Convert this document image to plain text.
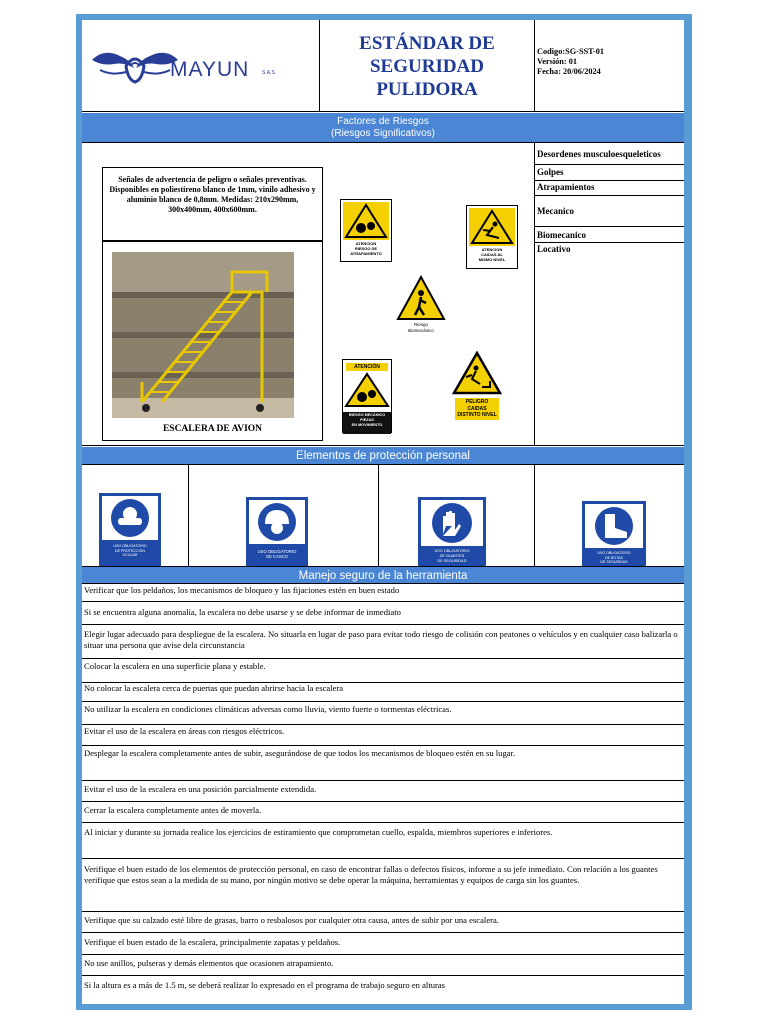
MAYUN	S.A.S
ESTÁNDAR DE
SEGURIDAD
PULIDORA
Codigo:SG-SST-01
Versión: 01
Fecha: 20/06/2024
Factores de Riesgos
(Riesgos Significativos)
Señales de advertencia de peligro o señales preventivas. Disponibles en poliestireno blanco de 1mm, vinilo adhesivo y aluminio blanco de 0,8mm. Medidas: 210x290mm, 300x400mm, 400x600mm.
ESCALERA DE AVION
ATENCION
RIESGO DE
ATRAPAMIENTO
ATENCION
CAIDAS AL
MISMO NIVEL
Riesgo
Biomecánico
ATENCIÓN
RIESGO MECÁNICO
PIEZAS
EN MOVIMIENTO
PELIGRO
CAIDAS
DISTINTO NIVEL
Desordenes musculoesqueleticos
Golpes
Atrapamientos
Mecanico
Biomecanico
Locativo
Elementos de protección personal
USO OBLIGATORIO
DE PROTECCIÓN
OCULAR
USO OBLIGATORIO
DE CASCO
USO OBLIGATORIO
DE GUANTES
DE SEGURIDAD
USO OBLIGATORIO
DE BOTAS
DE SEGURIDAD
Manejo seguro de la herramienta
Verificar que los peldaños, los mecanismos de bloqueo y las fijaciones estén en buen estado
Si se encuentra alguna anomalía, la escalera no debe usarse y se debe informar de inmediato
Elegir lugar adecuado para despliegue de la escalera. No situarla en lugar de paso para evitar todo riesgo de colisión con peatones o vehículos y en cualquier caso balizarla o situar una persona que avise dela circunstancia
Colocar la escalera en una superficie plana y estable.
No colocar la escalera cerca de puertas que puedan abrirse hacia la escalera
No utilizar la escalera en condiciones climáticas adversas como lluvia, viento fuerte o tormentas eléctricas.
Evitar el uso de la escalera en áreas con riesgos eléctricos.
Desplegar la escalera completamente antes de subir, asegurándose de que todos los mecanismos de bloqueo estén en su lugar.
Evitar el uso de la escalera en una posición parcialmente extendida.
Cerrar la escalera completamente antes de moverla.
Al iniciar y durante su jornada realice los ejercicios de estiramiento que comprometan cuello, espalda, miembros superiores e inferiores.
Verifique el buen estado de los elementos de protección personal, en caso de encontrar fallas o defectos físicos, informe a su jefe inmediato. Con relación a los guantes verifique que estos sean a la medida de su mano, por ningún motivo se debe operar la máquina, herramientas y equipos de carga sin los guantes.
Verifique que su calzado esté libre de grasas, barro o resbalosos por cualquier otra causa, antes de subir por una escalera.
Verifique el buen estado de la escalera, principalmente zapatas y peldaños.
No use anillos, pulseras y demás elementos que ocasionen atrapamiento.
Si la altura es a más de 1.5 m, se deberá realizar lo expresado en el programa de trabajo seguro en alturas
